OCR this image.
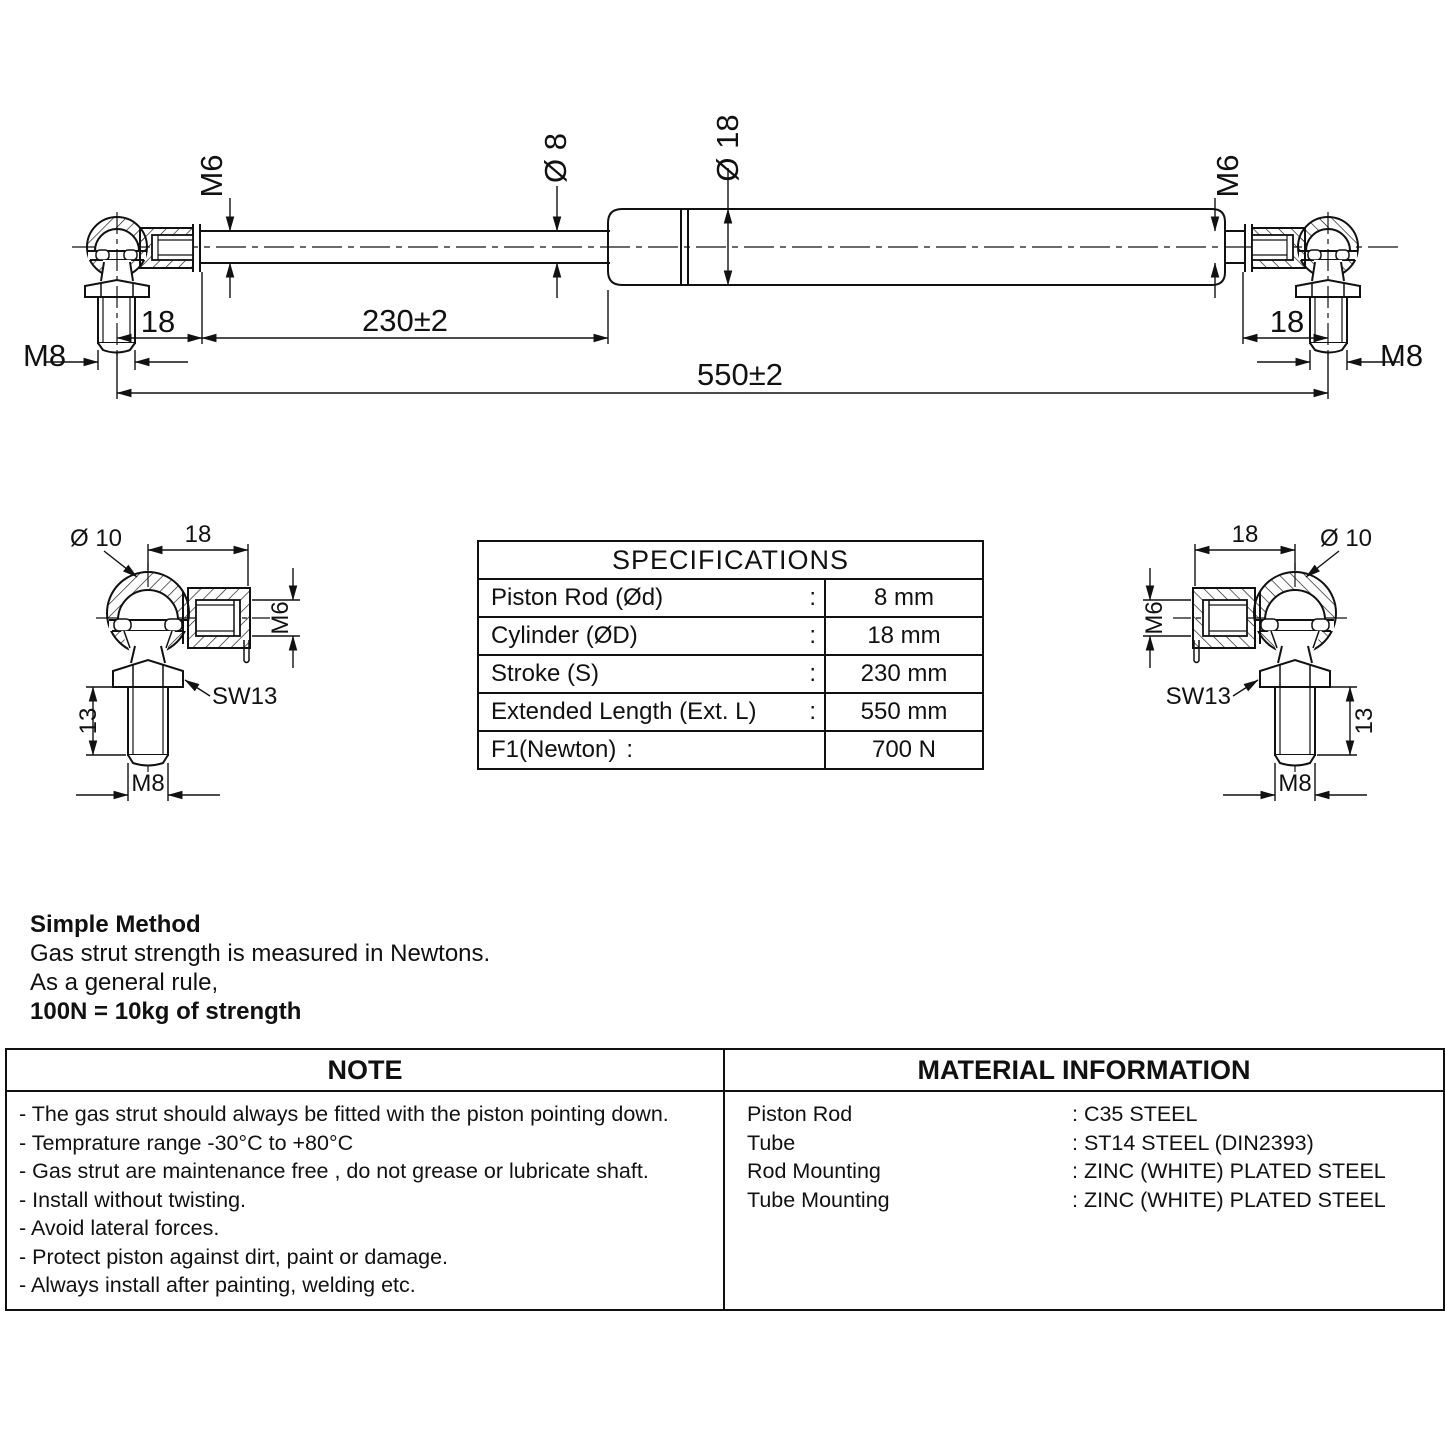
M6	Ø 8	Ø 18	M6
18	230±2	18
M8	M8
550±2
Ø 10	18
M6
13
SW13
M8
Ø 10
18
M6
13
SW13
M8
SPECIFICATIONS
Piston Rod (Ød)	:	8 mm
Cylinder (ØD)	:	18 mm
Stroke (S)	:	230 mm
Extended Length (Ext. L) :	550 mm
F1(Newton) :	700 N
Simple Method
Gas strut strength is measured in Newtons.
As a general rule,
100N = 10kg of strength
NOTE	MATERIAL INFORMATION
- The gas strut should always be fitted with the piston pointing down.
- Temprature range -30°C to +80°C
- Gas strut are maintenance free , do not grease or lubricate shaft.
- Install without twisting.
- Avoid lateral forces.
- Protect piston against dirt, paint or damage.
- Always install after painting, welding etc.
Piston Rod	: C35 STEEL
Tube	: ST14 STEEL (DIN2393)
Rod Mounting	: ZINC (WHITE) PLATED STEEL
Tube Mounting	: ZINC (WHITE) PLATED STEEL
